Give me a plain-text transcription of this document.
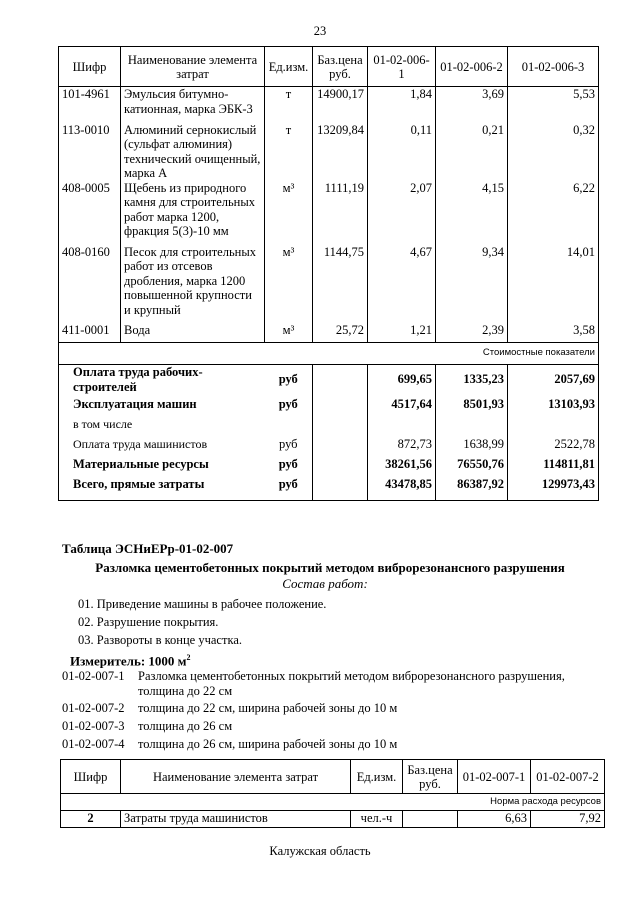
23
Шифр	Наименование элемента затрат	Ед.изм.	Баз.цена руб.	01-02-006-1	01-02-006-2	01-02-006-3
101-4961	Эмульсия битумно-катионная, марка ЭБК-3	т	14900,17	1,84	3,69	5,53
113-0010	Алюминий сернокислый (сульфат алюминия) технический очищенный, марка А	т	13209,84	0,11	0,21	0,32
408-0005	Щебень из природного камня для строительных работ марка 1200, фракция 5(3)-10 мм	м³	1111,19	2,07	4,15	6,22
408-0160	Песок для строительных работ из отсевов дробления, марка 1200 повышенной крупности и крупный	м³	1144,75	4,67	9,34	14,01
411-0001	Вода	м³	25,72	1,21	2,39	3,58
Стоимостные показатели						
Оплата труда рабочих-строителей		руб		699,65	1335,23	2057,69
Эксплуатация машин		руб		4517,64	8501,93	13103,93
в том числе						
Оплата труда машинистов		руб		872,73	1638,99	2522,78
Материальные ресурсы		руб		38261,56	76550,76	114811,81
Всего, прямые затраты		руб		43478,85	86387,92	129973,43

Таблица ЭСНиЕРр-01-02-007
Разломка цементобетонных покрытий методом виброрезонансного разрушения
Состав работ:
01. Приведение машины в рабочее положение.
02. Разрушение покрытия.
03. Развороты в конце участка.
Измеритель: 1000 $м^2$
01-02-007-1 Разломка цементобетонных покрытий методом виброрезонансного разрушения,
толщина до 22 см
01-02-007-2 толщина до 22 см, ширина рабочей зоны до 10 м
01-02-007-3 толщина до 26 см
01-02-007-4 толщина до 26 см, ширина рабочей зоны до 10 м
Шифр	Наименование элемента затрат	Ед.изм.	Баз.цена руб.	01-02-007-1	01-02-007-2
Норма расхода ресурсов					
2	Затраты труда машинистов	чел.-ч		6,63	7,92
Калужская область
